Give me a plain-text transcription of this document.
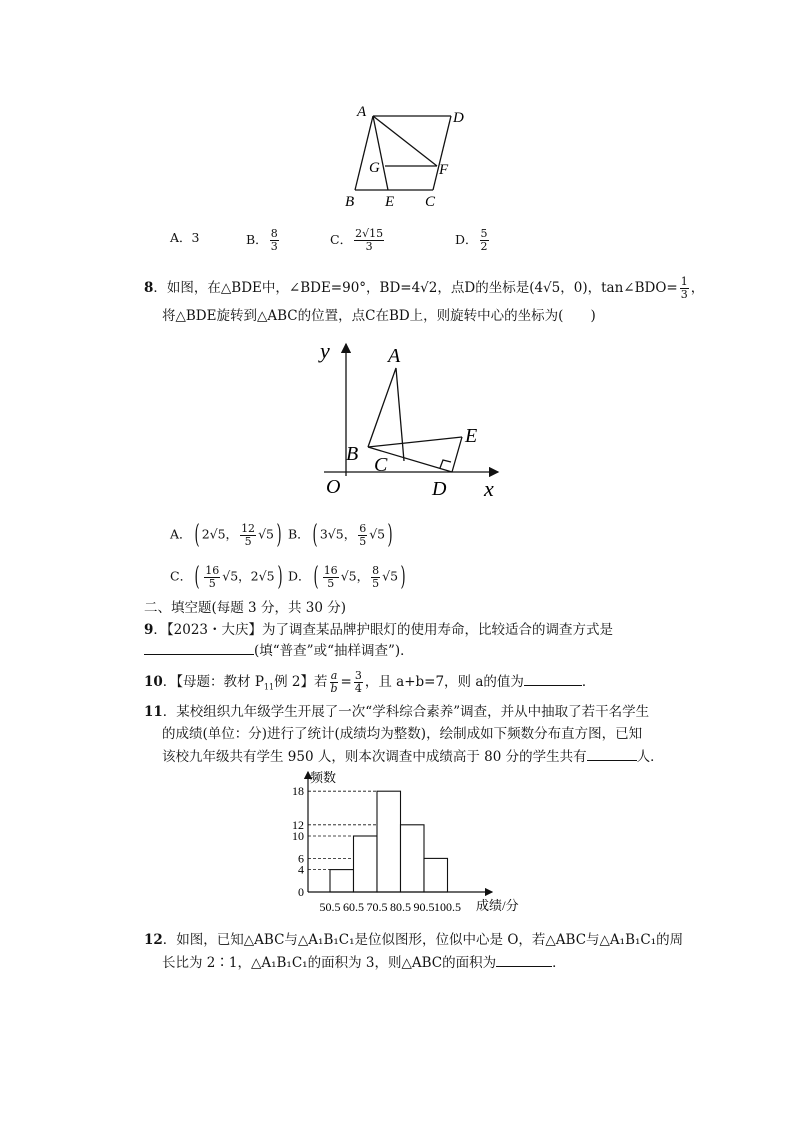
A	D
G	F
B E C
A．3	B． $\frac{8}{3}$	C． $\frac{2√15}{3}$	D． $\frac{5}{2}$
8．如图，在△BDE中，∠BDE=90°，BD=4√2，点D的坐标是(4√5，0)，tan∠BDO= $\frac{1}{3}$ ，
将△BDE旋转到△ABC的位置，点C在BD上，则旋转中心的坐标为(　　)
y
x
O
A
B C
D
E
A．( 2√5， $\frac{12}{5} √5$) B．( 3√5， $\frac{6}{5} √5$)
C．( $\frac{16}{5} √5$，2√5) D．( $\frac{16}{5} √5$， $\frac{8}{5} √5$)
二、填空题(每题 3 分，共 30 分)
9．【2023・大庆】为了调查某品牌护眼灯的使用寿命，比较适合的调查方式是
(填“普查”或“抽样调查”)．
10．【母题：教材 $P_{11}$例 2】若 $\frac{a}{b} = \frac{3}{4}$ ，且 a+b=7，则 a的值为	．
11．某校组织九年级学生开展了一次“学科综合素养”调查，并从中抽取了若干名学生
的成绩(单位：分)进行了统计(成绩均为整数)，绘制成如下频数分布直方图，已知
该校九年级共有学生 950 人，则本次调查中成绩高于 80 分的学生共有	人．
0
4
6
10
12
18
50.5 60.5 70.5 80.5 90.5 100.5
频数
成绩/分
12．如图，已知△ABC与△A₁B₁C₁是位似图形，位似中心是 O，若△ABC与△A₁B₁C₁的周
长比为 2∶1，△A₁B₁C₁的面积为 3，则△ABC的面积为	．
